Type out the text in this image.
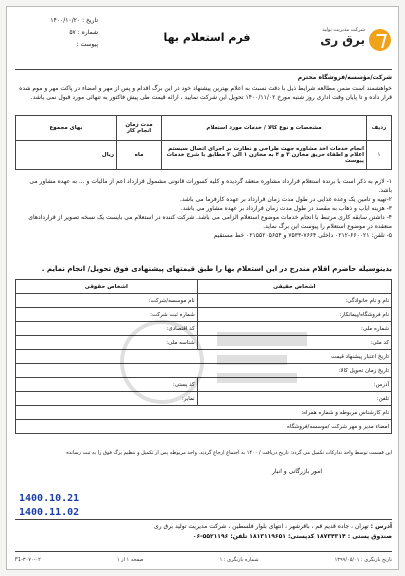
تاریخ : ۱۴۰۰/۱۰/۲۰
شماره : ۵۷
پیوست :
فرم استعلام بها
شرکت مدیریت تولید
برق ری
شرکت/مؤسسه/فروشگاه محترم
خواهشمند است ضمن مطالعه شرایط ذیل با دقت نسبت به اعلام بهترین پیشنهاد خود در این برگ اقدام و پس از مهر و امضاء در پاکت مهر و موم شده قرار داده و تا پایان وقت اداری روز شنبه مورخ ۱۴۰۰/۱۱/۰۲ تحویل این شرکت نمایید ، ارائه قیمت طی پیش فاکتور به تنهائی مورد قبول نمی باشد.
ردیف	مشخصات و نوع کالا / خدمات مورد استعلام	مدت زمان انجام کار	بهای مجموع
۱	انجام خدمات اخذ مشاوره جهت طراحی و نظارت بر اجرای اتصال سیستم اعلام و اطفاء حریق مخازن ۳ و ۴ به مخازن ۱ الی ۲ مطابق با شرح خدمات پیوست	ماه	ریال
۱- لازم به ذکر است با برنده استعلام قرارداد مشاوره منعقد گردیده و کلیه کسورات قانونی مشمول قرارداد اعم از مالیات و ... به عهده مشاور می باشد.
۲-تهیه و تامین یک وعده غذایی در طول مدت زمان قرارداد بر عهده کارفرما می باشد.
۳- هزینه ایاب و ذهاب به مقصد در طول مدت زمان قرارداد بر عهده مشاور می باشد.
۴- داشتن سابقه کاری مرتبط با انجام خدمات موضوع استعلام الزامی می باشد. شرکت کننده در استعلام می بایست یک نسخه تصویر از قراردادهای منعقده در موضوع استعلام را پیوست این برگ نماید.
۵- تلفن: ۶۶۰۰۲۱-۰۲۱۲ داخلی ۷۶۶۴-۷۵۳۳ و ۰۲۱۵۵۲۰۵۶۵۴ خط مستقیم
بدینوسیله حاضرم اقلام مندرج در این استعلام بها را طبق قیمتهای پیشنهادی فوق تحویل/ انجام نمایم .
اشخاص حقیقی	اشخاص حقوقی
نام و نام خانوادگی:	نام موسسه/شرکت:
نام فروشگاه/پیمانکار:	شماره ثبت شرکت:
شماره ملی:	کد اقتصادی:
کد ملی:	شناسه ملی:
تاریخ اعتبار پیشنهاد قیمت	
تاریخ زمان تحویل کالا:	
آدرس:	کد پستی:
تلفن:	نمابر:
نام کارشناس مربوطه و شماره همراه:	
امضاء مدیر و مهر شرکت /موسسه/فروشگاه	
این قسمت توسط واحد تدارکات تکمیل می گردد: تاریخ دریافت / ۱۴۰۰ به اجتماع ارجاع گردید. واحد مربوطه پس از تکمیل و تنظیم برگ فوق را به ثبت رسانده
امور بازرگانی و انبار
1400.10.21
1400.11.02
آدرس : تهران ، جاده قدیم قم ، باقرشهر ، انتهای بلوار فلسطین ، شرکت مدیریت تولید برق ری
صندوق پستی : ۱۸۷۳۴۳۱۴ کدپستی: ۱۸۱۳۱۱۹۶۵۱ تلفن: ۵۵۲۱۱۹۶-۰۶
تاریخ بازنگری : ۱۳۹۹/۰۵/۰۱
شماره بازنگری : ۱
صفحه ۱ از ۱
F1-۳۰۷۰-۰۲
